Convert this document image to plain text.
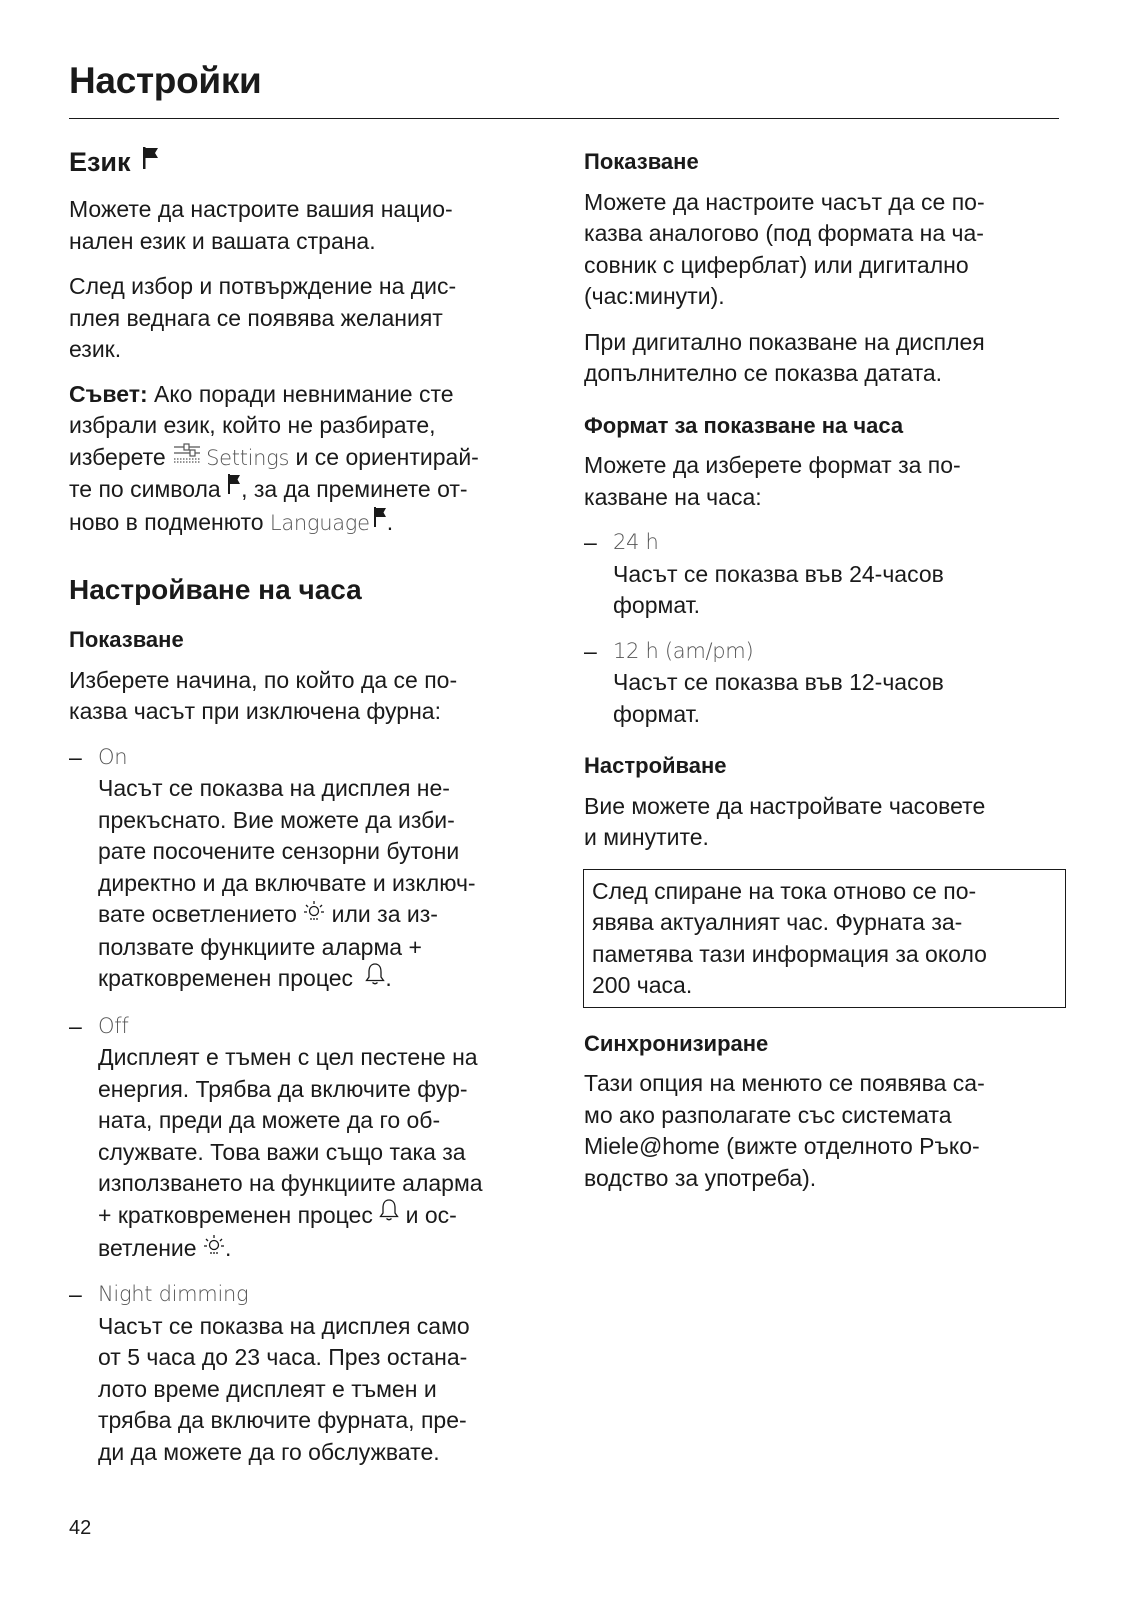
Настройки
Език

Можете да настроите вашия нацио-

нален език и вашата страна.

След избор и потвърждение на дис-

плея веднага се появява желаният

език.

Съвет: Ако поради невнимание сте

избрали език, който не разбирате,

изберете Settings и се ориентирай-

те по символа , за да преминете от-

ново в подменюто Language .

Настройване на часа
Показване

Изберете начина, по който да се по-

казва часът при изключена фурна:

– On

Часът се показва на дисплея не-

прекъснато. Вие можете да изби-

рате посочените сензорни бутони

директно и да включвате и изключ-

вате осветлението  или за из-

ползвате функциите аларма +

кратковременен процес .

– Off

Дисплеят е тъмен с цел пестене на

енергия. Трябва да включите фур-

ната, преди да можете да го об-

служвате. Това важи също така за

използването на функциите аларма

+ кратковременен процес  и ос-

ветление .

– Night dimming

Часът се показва на дисплея само

от 5 часа до 23 часа. През остана-

лото време дисплеят е тъмен и

трябва да включите фурната, пре-

ди да можете да го обслужвате.

Показване

Можете да настроите часът да се по-

казва аналогово (под формата на ча-

совник с циферблат) или дигитално

(час:минути).

При дигитално показване на дисплея

допълнително се показва датата.

Формат за показване на часа

Можете да изберете формат за по-

казване на часа:

– 24 h

Часът се показва във 24-часов

формат.

– 12 h (am/pm)

Часът се показва във 12-часов

формат.

Настройване

Вие можете да настройвате часовете

и минутите.

След спиране на тока отново се по-

явява актуалният час. Фурната за-

паметява тази информация за около

200 часа.

Синхронизиране

Тази опция на менюто се появява са-

мо ако разполагате със системата

Miele@home (вижте отделното Ръко-

водство за употреба).

42
